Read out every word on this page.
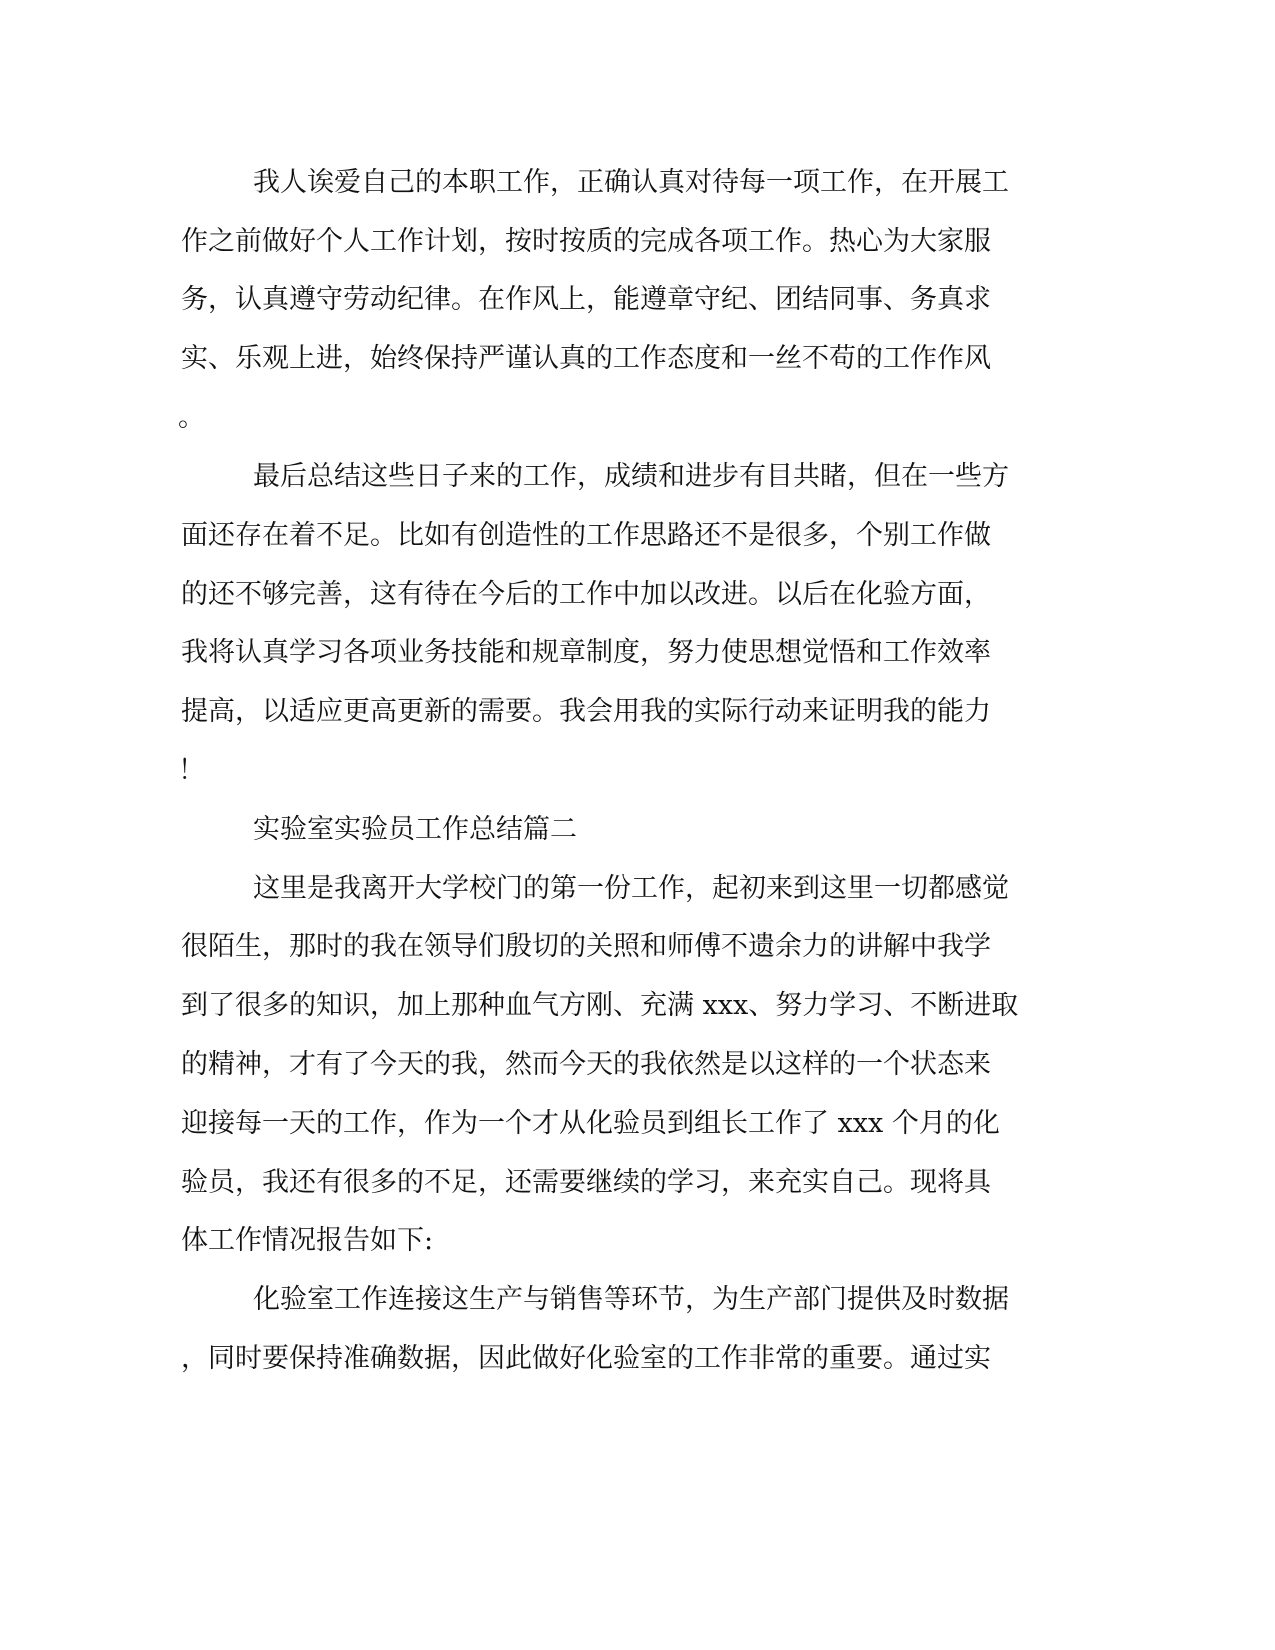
我人诶爱自己的本职工作，正确认真对待每一项工作，在开展工
作之前做好个人工作计划，按时按质的完成各项工作。热心为大家服
务，认真遵守劳动纪律。在作风上，能遵章守纪、团结同事、务真求
实、乐观上进，始终保持严谨认真的工作态度和一丝不苟的工作作风
。
最后总结这些日子来的工作，成绩和进步有目共睹，但在一些方
面还存在着不足。比如有创造性的工作思路还不是很多，个别工作做
的还不够完善，这有待在今后的工作中加以改进。以后在化验方面，
我将认真学习各项业务技能和规章制度，努力使思想觉悟和工作效率
提高，以适应更高更新的需要。我会用我的实际行动来证明我的能力
！
实验室实验员工作总结篇二
这里是我离开大学校门的第一份工作，起初来到这里一切都感觉
很陌生，那时的我在领导们殷切的关照和师傅不遗余力的讲解中我学
到了很多的知识，加上那种血气方刚、充满 xxx、努力学习、不断进取
的精神，才有了今天的我，然而今天的我依然是以这样的一个状态来
迎接每一天的工作，作为一个才从化验员到组长工作了 xxx 个月的化
验员，我还有很多的不足，还需要继续的学习，来充实自己。现将具
体工作情况报告如下:
化验室工作连接这生产与销售等环节，为生产部门提供及时数据
，同时要保持准确数据，因此做好化验室的工作非常的重要。通过实
